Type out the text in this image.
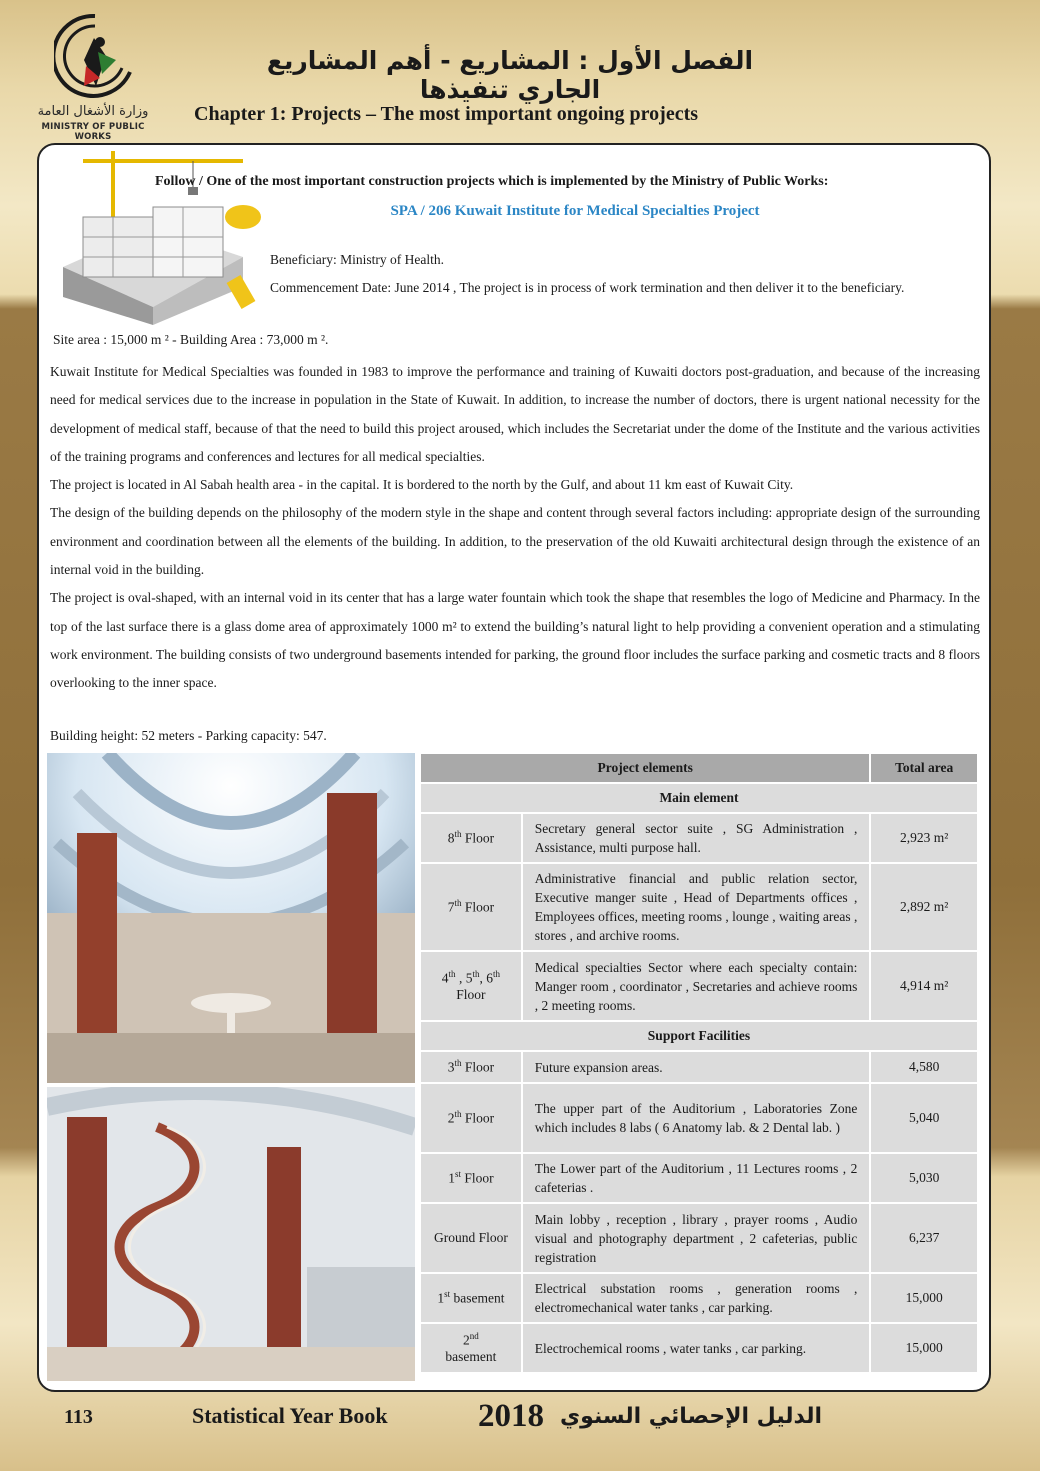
وزارة الأشغال العامة
MINISTRY OF PUBLIC WORKS
الفصل الأول : المشاريع - أهم المشاريع الجاري تنفيذها
Chapter 1: Projects – The most important ongoing projects
Follow / One of the most important construction projects which is implemented by the Ministry of Public Works:
SPA / 206 Kuwait Institute for Medical Specialties Project

Beneficiary: Ministry of Health.

Commencement Date: June 2014 , The project is in process of work termination and then deliver it to the beneficiary.

Site area : 15,000 m ² - Building Area : 73,000 m ².

Kuwait Institute for Medical Specialties was founded in 1983 to improve the performance and training of Kuwaiti doctors post-graduation, and because of the increasing need for medical services due to the increase in population in the State of Kuwait. In addition, to increase the number of doctors, there is urgent national necessity for the development of medical staff, because of that the need to build this project aroused, which includes the Secretariat under the dome of the Institute and the various activities of the training programs and conferences and lectures for all medical specialties.

The project is located in Al Sabah health area - in the capital. It is bordered to the north by the Gulf, and about 11 km east of Kuwait City.

The design of the building depends on the philosophy of the modern style in the shape and content through several factors including: appropriate design of the surrounding environment and coordination between all the elements of the building. In addition, to the preservation of the old Kuwaiti architectural design through the existence of an internal void in the building.

The project is oval-shaped, with an internal void in its center that has a large water fountain which took the shape that resembles the logo of Medicine and Pharmacy. In the top of the last surface there is a glass dome area of approximately 1000 m² to extend the building’s natural light to help providing a convenient operation and a stimulating work environment. The building consists of two underground basements intended for parking, the ground floor includes the surface parking and cosmetic tracts and 8 floors overlooking to the inner space.

Building height: 52 meters - Parking capacity: 547.
Project elements		Total area
Main element		
8th Floor	Secretary general sector suite , SG Administration , Assistance, multi purpose hall.	2,923 m²
7th Floor	Administrative financial and public relation sector, Executive manger suite , Head of Departments offices , Employees offices, meeting rooms , lounge , waiting areas , stores , and archive rooms.	2,892 m²
4th , 5th, 6th
Floor	Medical specialties Sector where each specialty contain: Manger room , coordinator , Secretaries and achieve rooms , 2 meeting rooms.	4,914 m²
Support Facilities		
3th Floor	Future expansion areas.	4,580
2th Floor	The upper part of the Auditorium , Laboratories Zone which includes 8 labs ( 6 Anatomy lab. & 2 Dental lab. )	5,040
1st Floor	The Lower part of the Auditorium , 11 Lectures rooms , 2 cafeterias .	5,030
Ground Floor	Main lobby , reception , library , prayer rooms , Audio visual and photography department , 2 cafeterias, public registration	6,237
1st basement	Electrical substation rooms , generation rooms , electromechanical water tanks , car parking.	15,000
2nd
basement	Electrochemical rooms , water tanks , car parking.	15,000
113	Statistical Year Book	2018 الدليل الإحصائي السنوي
